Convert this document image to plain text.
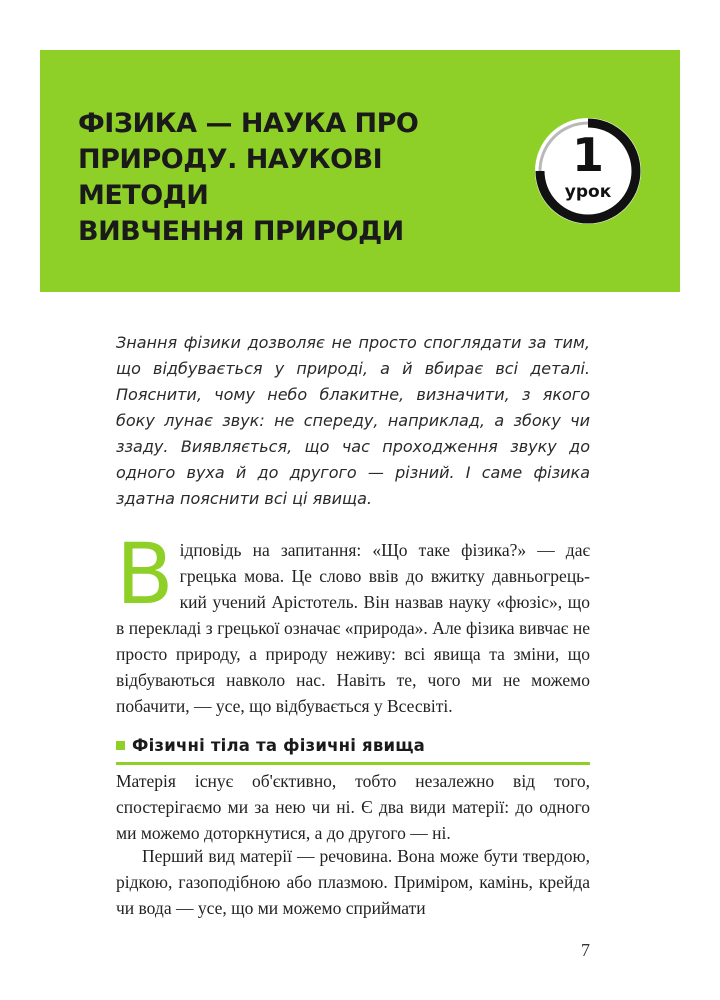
ФІЗИКА — НАУКА ПРО
ПРИРОДУ. НАУКОВІ МЕТОДИ
ВИВЧЕННЯ ПРИРОДИ
1
урок

Знання фізики дозволяє не просто споглядати за тим, що відбувається у природі, а й вбирає всі деталі. Пояснити, чому небо блакитне, визначити, з якого боку лунає звук: не спереду, наприклад, а збоку чи ззаду. Виявляється, що час проходження звуку до одного вуха й до другого — різний. І саме фізика здатна пояснити всі ці явища.

Відповідь на запитання: «Що таке фізика?» — дає грецька мова. Це слово ввів до вжитку давньогрець-кий учений Арістотель. Він назвав науку «фюзіс», що в перекладі з грецької означає «природа». Але фізика вивчає не просто природу, а природу неживу: всі явища та зміни, що відбуваються навколо нас. Навіть те, чого ми не можемо побачити, — усе, що відбувається у Всесвіті.

Фізичні тіла та фізичні явища

Матерія існує об'єктивно, тобто незалежно від того, спостерігаємо ми за нею чи ні. Є два види матерії: до одного ми можемо доторкнутися, а до другого — ні.

Перший вид матерії — речовина. Вона може бути твердою, рідкою, газоподібною або плазмою. Приміром, камінь, крейда чи вода — усе, що ми можемо сприймати

7
